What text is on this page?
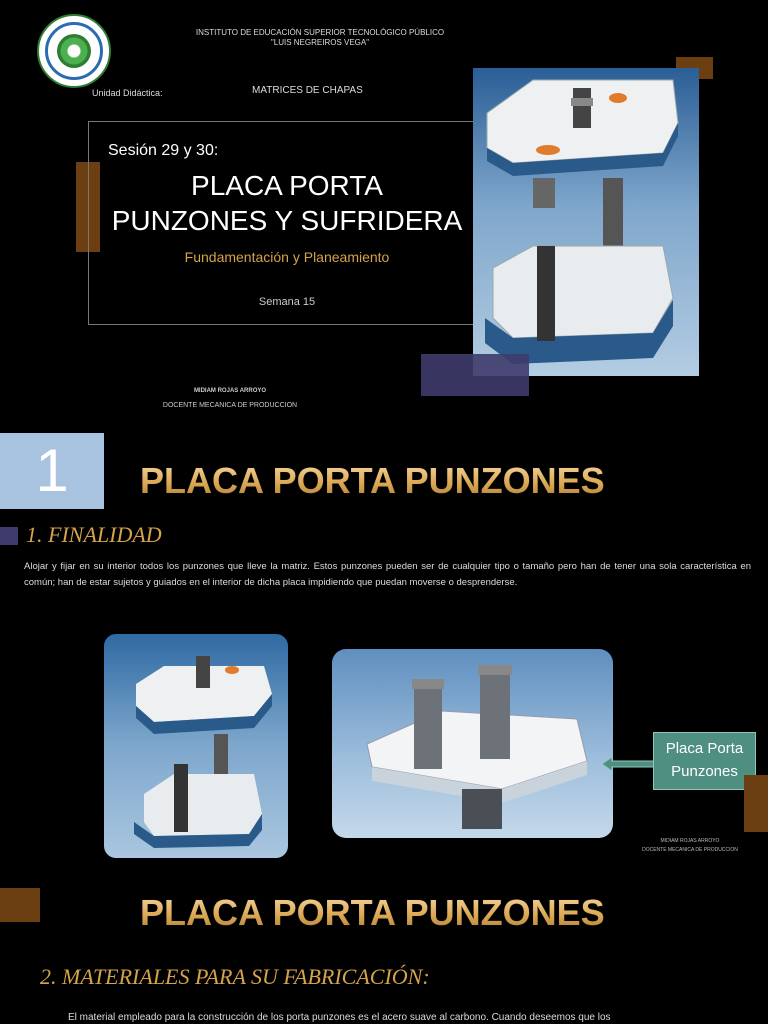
INSTITUTO DE EDUCACIÓN SUPERIOR TECNOLÓGICO PÚBLICO
"LUIS NEGREIROS VEGA"
Unidad Didáctica:	MATRICES DE CHAPAS
Sesión 29 y 30:
PLACA PORTA
PUNZONES Y SUFRIDERA
Fundamentación y Planeamiento
Semana 15
MIDIAM ROJAS ARROYO
DOCENTE MECANICA DE PRODUCCION
1	PLACA PORTA PUNZONES
1. FINALIDAD
Alojar y fijar en su interior todos los punzones que lleve la matriz. Estos punzones pueden ser de cualquier tipo o tamaño pero han de tener una sola característica en común; han de estar sujetos y guiados en el interior de dicha placa impidiendo que puedan moverse o desprenderse.
Placa Porta
Punzones
MIDIAM ROJAS ARROYO
DOCENTE MECANICA DE PRODUCCION
PLACA PORTA PUNZONES
2. MATERIALES PARA SU FABRICACIÓN:
El material empleado para la construcción de los porta punzones es el acero suave al carbono. Cuando deseemos que los
